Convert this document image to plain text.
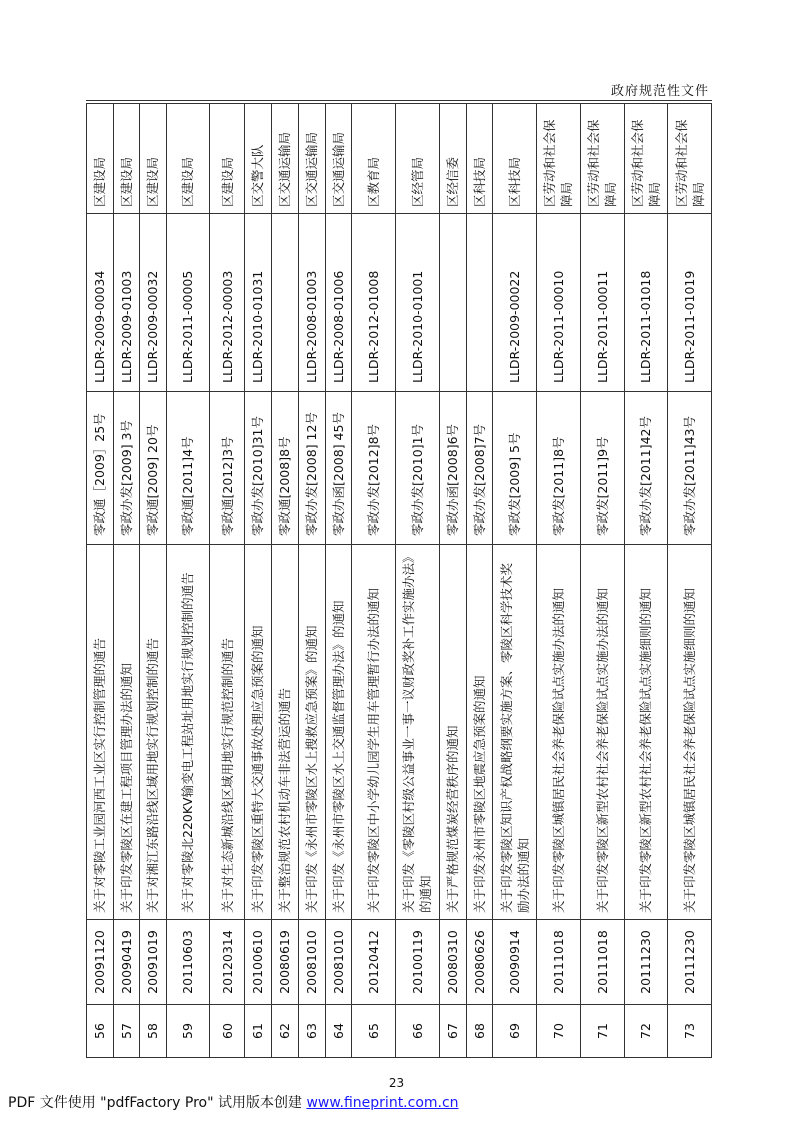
政府规范性文件
56	20091120	关于对零陵工业园河西工业区实行控制管理的通告	零政通［2009］25号	LLDR-2009-00034	区建设局
57	20090419	关于印发零陵区在建工程项目管理办法的通知	零政办发[2009] 3号	LLDR-2009-01003	区建设局
58	20091019	关于对湘江东路沿线区域用地实行规划控制的通告	零政通[2009] 20号	LLDR-2009-00032	区建设局
59	20110603	关于对零陵北220KV输变电工程站址用地实行规划控制的通告	零政通[2011]4号	LLDR-2011-00005	区建设局
60	20120314	关于对生态新城沿线区域用地实行规范控制的通告	零政通[2012]3号	LLDR-2012-00003	区建设局
61	20100610	关于印发零陵区重特大交通事故处理应急预案的通知	零政办发[2010]31号	LLDR-2010-01031	区交警大队
62	20080619	关于整治规范农村机动车非法营运的通告	零政通[2008]8号		区交通运输局
63	20081010	关于印发《永州市零陵区水上搜救应急预案》的通知	零政办发[2008] 12号	LLDR-2008-01003	区交通运输局
64	20081010	关于印发《永州市零陵区水上交通监督管理办法》的通知	零政办函[2008] 45号	LLDR-2008-01006	区交通运输局
65	20120412	关于印发零陵区中小学幼儿园学生用车管理暂行办法的通知	零政办发[2012]8号	LLDR-2012-01008	区教育局
66	20100119	关于印发《零陵区村级公益事业一事一议财政奖补工作实施办法》的通知	零政办发[2010]1号	LLDR-2010-01001	区经管局
67	20080310	关于严格规范煤炭经营秩序的通知	零政办函[2008]6号		区经信委
68	20080626	关于印发永州市零陵区地震应急预案的通知	零政办发[2008]7号		区科技局
69	20090914	关于印发零陵区知识产权战略纲要实施方案、零陵区科学技术奖励办法的通知	零政发[2009] 5号	LLDR-2009-00022	区科技局
70	20111018	关于印发零陵区城镇居民社会养老保险试点实施办法的通知	零政发[2011]8号	LLDR-2011-00010	区劳动和社会保障局
71	20111018	关于印发零陵区新型农村社会养老保险试点实施办法的通知	零政发[2011]9号	LLDR-2011-00011	区劳动和社会保障局
72	20111230	关于印发零陵区新型农村社会养老保险试点实施细则的通知	零政办发[2011]42号	LLDR-2011-01018	区劳动和社会保障局
73	20111230	关于印发零陵区城镇居民社会养老保险试点实施细则的通知	零政办发[2011]43号	LLDR-2011-01019	区劳动和社会保障局
23
PDF 文件使用 "pdfFactory Pro" 试用版本创建 www.fineprint.com.cn
